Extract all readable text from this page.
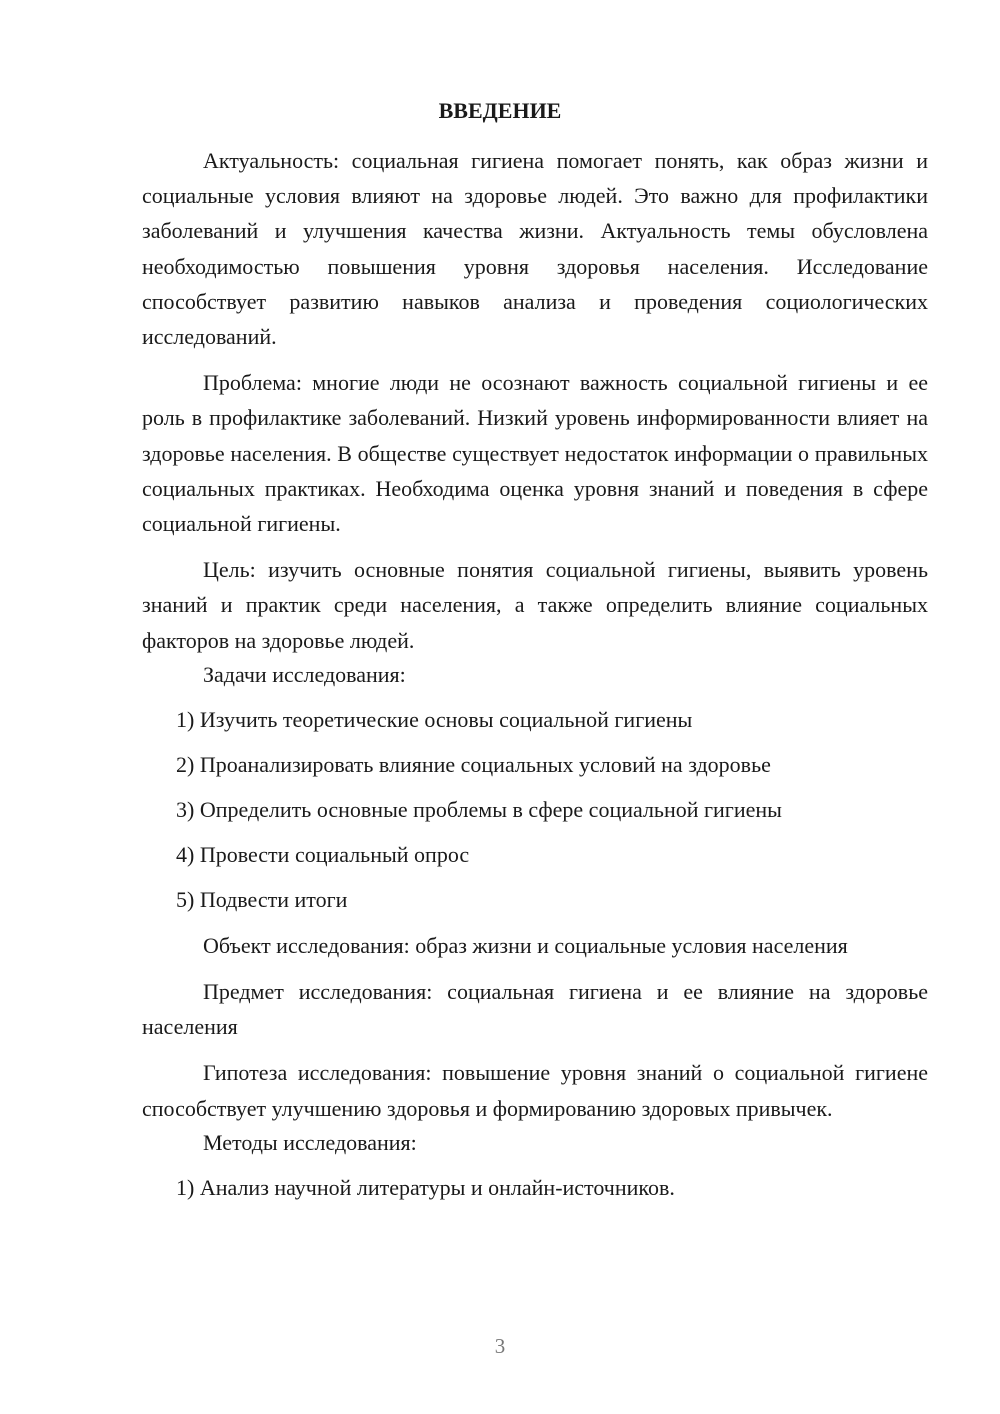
ВВЕДЕНИЕ

Актуальность: социальная гигиена помогает понять, как образ жизни и социальные условия влияют на здоровье людей. Это важно для профилактики заболеваний и улучшения качества жизни. Актуальность темы обусловлена необходимостью повышения уровня здоровья населения. Исследование способствует развитию навыков анализа и проведения социологических исследований.

Проблема: многие люди не осознают важность социальной гигиены и ее роль в профилактике заболеваний. Низкий уровень информированности влияет на здоровье населения. В обществе существует недостаток информации о правильных социальных практиках. Необходима оценка уровня знаний и поведения в сфере социальной гигиены.

Цель: изучить основные понятия социальной гигиены, выявить уровень знаний и практик среди населения, а также определить влияние социальных факторов на здоровье людей.

Задачи исследования:

1) Изучить теоретические основы социальной гигиены

2) Проанализировать влияние социальных условий на здоровье

3) Определить основные проблемы в сфере социальной гигиены

4) Провести социальный опрос

5) Подвести итоги

Объект исследования: образ жизни и социальные условия населения

Предмет исследования: социальная гигиена и ее влияние на здоровье населения

Гипотеза исследования: повышение уровня знаний о социальной гигиене способствует улучшению здоровья и формированию здоровых привычек.

Методы исследования:

1) Анализ научной литературы и онлайн-источников.

3
